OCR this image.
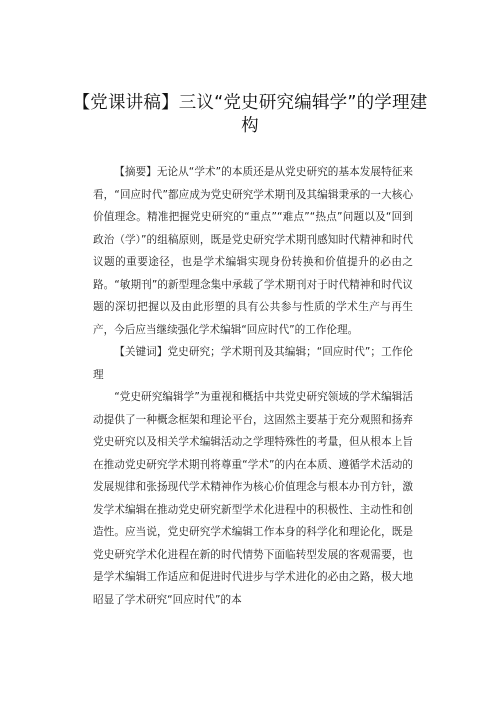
【党课讲稿】三议“党史研究编辑学”的学理建构

【摘要】无论从“学术”的本质还是从党史研究的基本发展特征来看，“回应时代”都应成为党史研究学术期刊及其编辑秉承的一大核心价值理念。精准把握党史研究的“重点”“难点”“热点”问题以及“回到政治（学）”的组稿原则，既是党史研究学术期刊感知时代精神和时代议题的重要途径，也是学术编辑实现身份转换和价值提升的必由之路。“敏期刊”的新型理念集中承载了学术期刊对于时代精神和时代议题的深切把握以及由此形塑的具有公共参与性质的学术生产与再生产，今后应当继续强化学术编辑“回应时代”的工作伦理。

【关键词】党史研究；学术期刊及其编辑；“回应时代”；工作伦理

“党史研究编辑学”为重视和概括中共党史研究领域的学术编辑活动提供了一种概念框架和理论平台，这固然主要基于充分观照和扬弃党史研究以及相关学术编辑活动之学理特殊性的考量，但从根本上旨在推动党史研究学术期刊将尊重“学术”的内在本质、遵循学术活动的发展规律和张扬现代学术精神作为核心价值理念与根本办刊方针，激发学术编辑在推动党史研究新型学术化进程中的积极性、主动性和创造性。应当说，党史研究学术编辑工作本身的科学化和理论化，既是党史研究学术化进程在新的时代情势下面临转型发展的客观需要，也是学术编辑工作适应和促进时代进步与学术进化的必由之路，极大地昭显了学术研究“回应时代”的本
